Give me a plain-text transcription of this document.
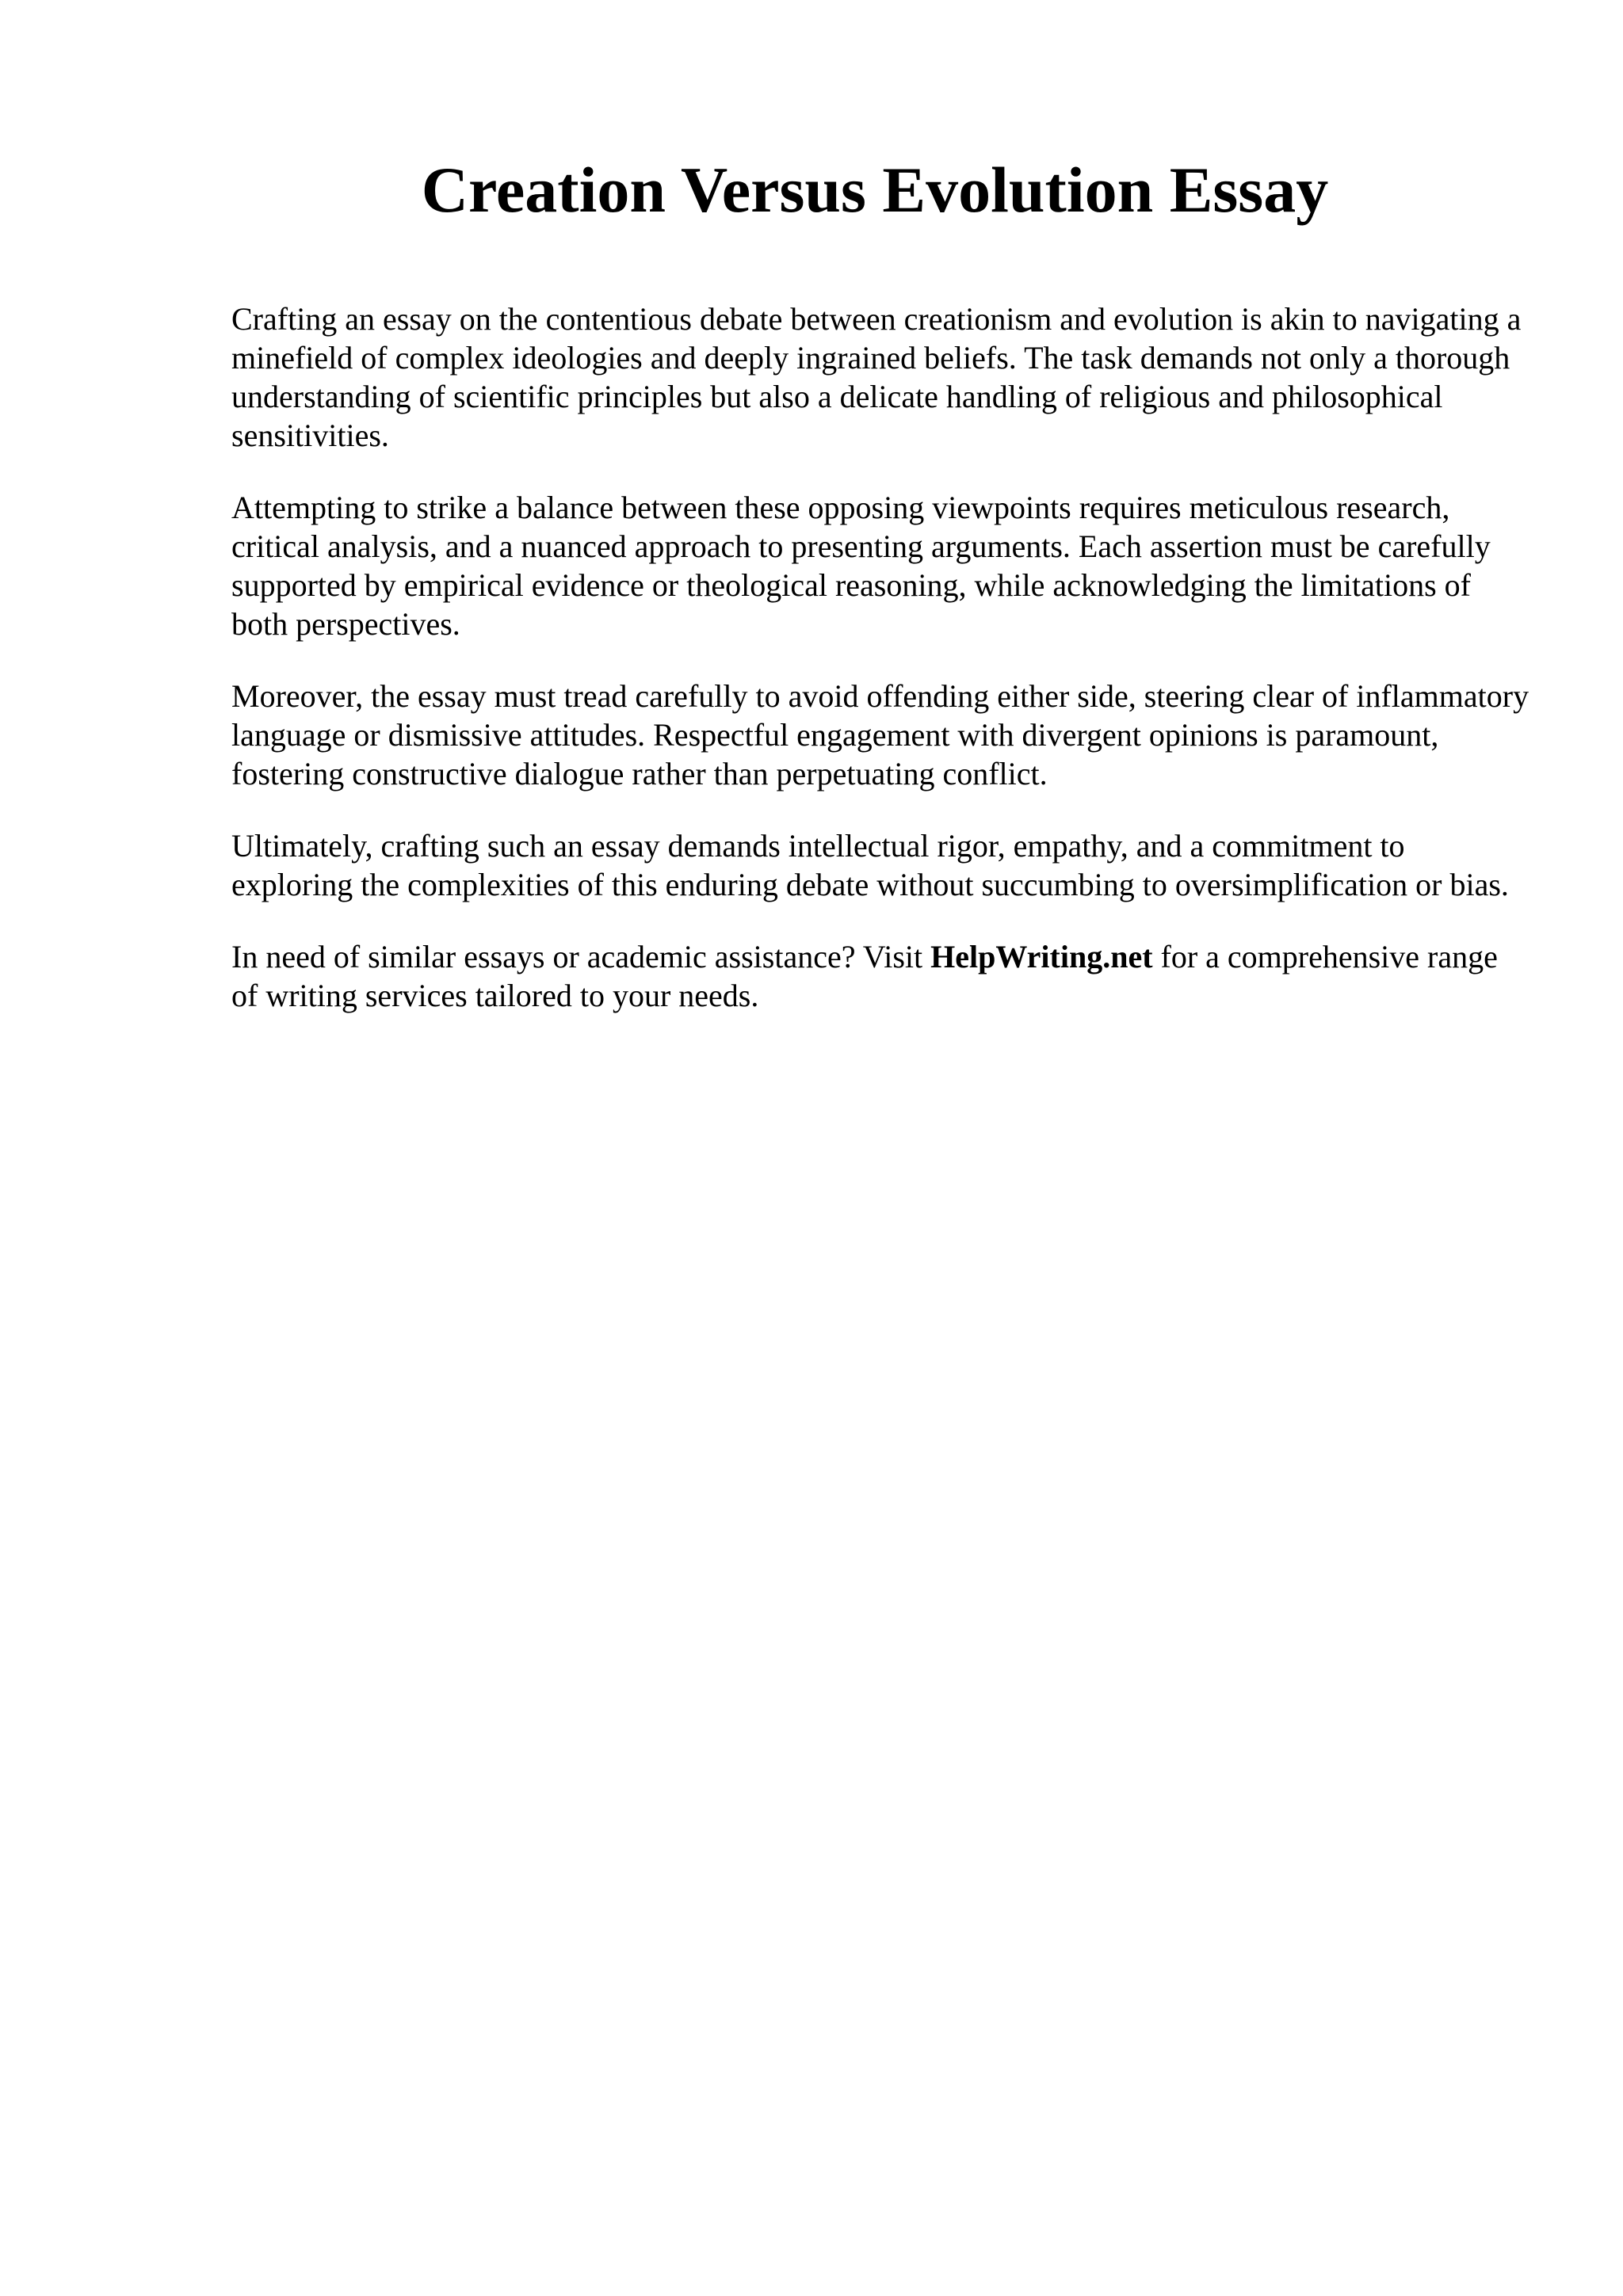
Creation Versus Evolution Essay

Crafting an essay on the contentious debate between creationism and evolution is akin to navigating a minefield of complex ideologies and deeply ingrained beliefs. The task demands not only a thorough understanding of scientific principles but also a delicate handling of religious and philosophical sensitivities.

Attempting to strike a balance between these opposing viewpoints requires meticulous research, critical analysis, and a nuanced approach to presenting arguments. Each assertion must be carefully supported by empirical evidence or theological reasoning, while acknowledging the limitations of both perspectives.

Moreover, the essay must tread carefully to avoid offending either side, steering clear of inflammatory language or dismissive attitudes. Respectful engagement with divergent opinions is paramount, fostering constructive dialogue rather than perpetuating conflict.

Ultimately, crafting such an essay demands intellectual rigor, empathy, and a commitment to exploring the complexities of this enduring debate without succumbing to oversimplification or bias.

In need of similar essays or academic assistance? Visit HelpWriting.net for a comprehensive range of writing services tailored to your needs.
